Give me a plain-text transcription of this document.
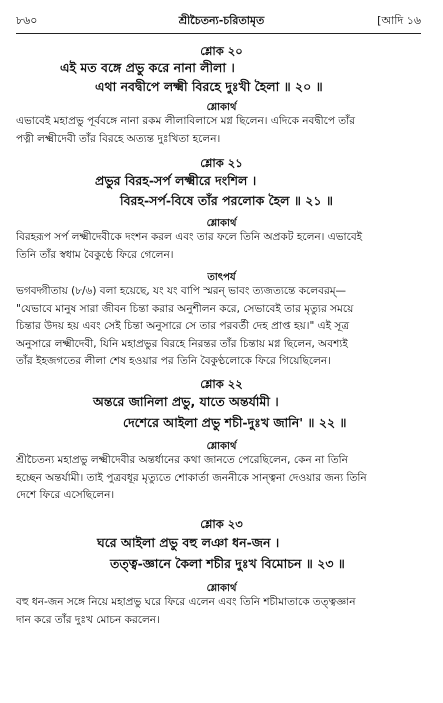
৮৬০	শ্রীচৈতন্য-চরিতামৃত	[আদি ১৬
শ্লোক ২০
এই মত বঙ্গে প্রভু করে নানা লীলা ।
এথা নবদ্বীপে লক্ষ্মী বিরহে দুঃখী হৈলা ॥ ২০ ॥
শ্লোকার্থ
এভাবেই মহাপ্রভু পূর্ববঙ্গে নানা রকম লীলাবিলাসে মগ্ন ছিলেন। এদিকে নবদ্বীপে তাঁর
পত্নী লক্ষ্মীদেবী তাঁর বিরহে অত্যন্ত দুঃখিতা হলেন।
শ্লোক ২১
প্রভুর বিরহ-সর্প লক্ষ্মীরে দংশিল ।
বিরহ-সর্প-বিষে তাঁর পরলোক হৈল ॥ ২১ ॥
শ্লোকার্থ
বিরহরূপ সর্প লক্ষ্মীদেবীকে দংশন করল এবং তার ফলে তিনি অপ্রকট হলেন। এভাবেই
তিনি তাঁর স্বধাম বৈকুণ্ঠে ফিরে গেলেন।
তাৎপর্য
ভগবদ্গীতায় (৮/৬) বলা হয়েছে, যং যং বাপি স্মরন্ ভাবং ত্যজত্যন্তে কলেবরম্—
"যেভাবে মানুষ সারা জীবন চিন্তা করার অনুশীলন করে, সেভাবেই তার মৃত্যুর সময়ে
চিন্তার উদয় হয় এবং সেই চিন্তা অনুসারে সে তার পরবর্তী দেহ প্রাপ্ত হয়।" এই সূত্র
অনুসারে লক্ষ্মীদেবী, যিনি মহাপ্রভুর বিরহে নিরন্তর তাঁর চিন্তায় মগ্ন ছিলেন, অবশ্যই
তাঁর ইহজগতের লীলা শেষ হওয়ার পর তিনি বৈকুণ্ঠলোকে ফিরে গিয়েছিলেন।
শ্লোক ২২
অন্তরে জানিলা প্রভু, যাতে অন্তর্যামী ।
দেশেরে আইলা প্রভু শচী-দুঃখ জানি' ॥ ২২ ॥
শ্লোকার্থ
শ্রীচৈতন্য মহাপ্রভু লক্ষ্মীদেবীর অন্তর্ধানের কথা জানতে পেরেছিলেন, কেন না তিনি
হচ্ছেন অন্তর্যামী। তাই পুত্রবধূর মৃত্যুতে শোকার্তা জননীকে সান্ত্বনা দেওয়ার জন্য তিনি
দেশে ফিরে এসেছিলেন।
শ্লোক ২৩
ঘরে আইলা প্রভু বহু লঞা ধন-জন ।
তত্ত্ব-জ্ঞানে কৈলা শচীর দুঃখ বিমোচন ॥ ২৩ ॥
শ্লোকার্থ
বহু ধন-জন সঙ্গে নিয়ে মহাপ্রভু ঘরে ফিরে এলেন এবং তিনি শচীমাতাকে তত্ত্বজ্ঞান
দান করে তাঁর দুঃখ মোচন করলেন।
